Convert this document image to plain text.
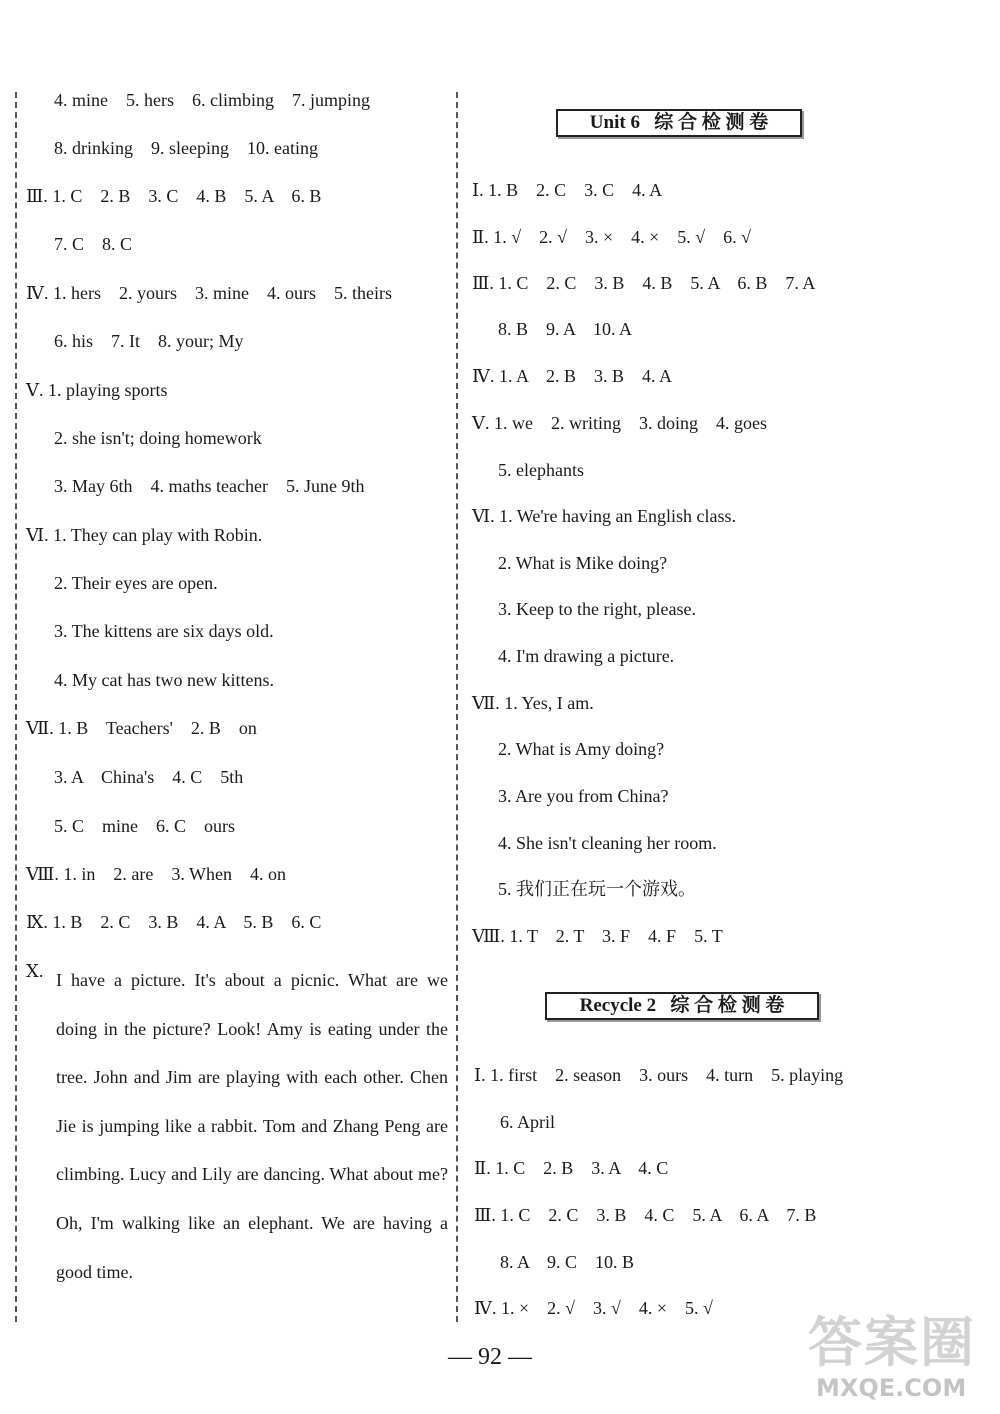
4. mine    5. hers    6. climbing    7. jumping
8. drinking    9. sleeping    10. eating
Ⅲ. 1. C    2. B    3. C    4. B    5. A    6. B
7. C    8. C
Ⅳ. 1. hers    2. yours    3. mine    4. ours    5. theirs
6. his    7. It    8. your; My
Ⅴ. 1. playing sports
2. she isn't; doing homework
3. May 6th    4. maths teacher    5. June 9th
Ⅵ. 1. They can play with Robin.
2. Their eyes are open.
3. The kittens are six days old.
4. My cat has two new kittens.
Ⅶ. 1. B    Teachers'    2. B    on
3. A    China's    4. C    5th
5. C    mine    6. C    ours
Ⅷ. 1. in    2. are    3. When    4. on
Ⅸ. 1. B    2. C    3. B    4. A    5. B    6. C
Ⅹ. I have a picture. It's about a picnic. What are we doing in the picture? Look! Amy is eating under the tree. John and Jim are playing with each other. Chen Jie is jumping like a rabbit. Tom and Zhang Peng are climbing. Lucy and Lily are dancing. What about me? Oh, I'm walking like an elephant. We are having a good time.
Unit 6   综 合 检 测 卷
Ⅰ. 1. B    2. C    3. C    4. A
Ⅱ. 1. √    2. √    3. ×    4. ×    5. √    6. √
Ⅲ. 1. C    2. C    3. B    4. B    5. A    6. B    7. A
8. B    9. A    10. A
Ⅳ. 1. A    2. B    3. B    4. A
Ⅴ. 1. we    2. writing    3. doing    4. goes
5. elephants
Ⅵ. 1. We're having an English class.
2. What is Mike doing?
3. Keep to the right, please.
4. I'm drawing a picture.
Ⅶ. 1. Yes, I am.
2. What is Amy doing?
3. Are you from China?
4. She isn't cleaning her room.
5. 我们正在玩一个游戏。
Ⅷ. 1. T    2. T    3. F    4. F    5. T
Recycle 2   综 合 检 测 卷
Ⅰ. 1. first    2. season    3. ours    4. turn    5. playing
6. April
Ⅱ. 1. C    2. B    3. A    4. C
Ⅲ. 1. C    2. C    3. B    4. C    5. A    6. A    7. B
8. A    9. C    10. B
Ⅳ. 1. ×    2. √    3. √    4. ×    5. √
— 92 —	答案圈
MXQE.COM
